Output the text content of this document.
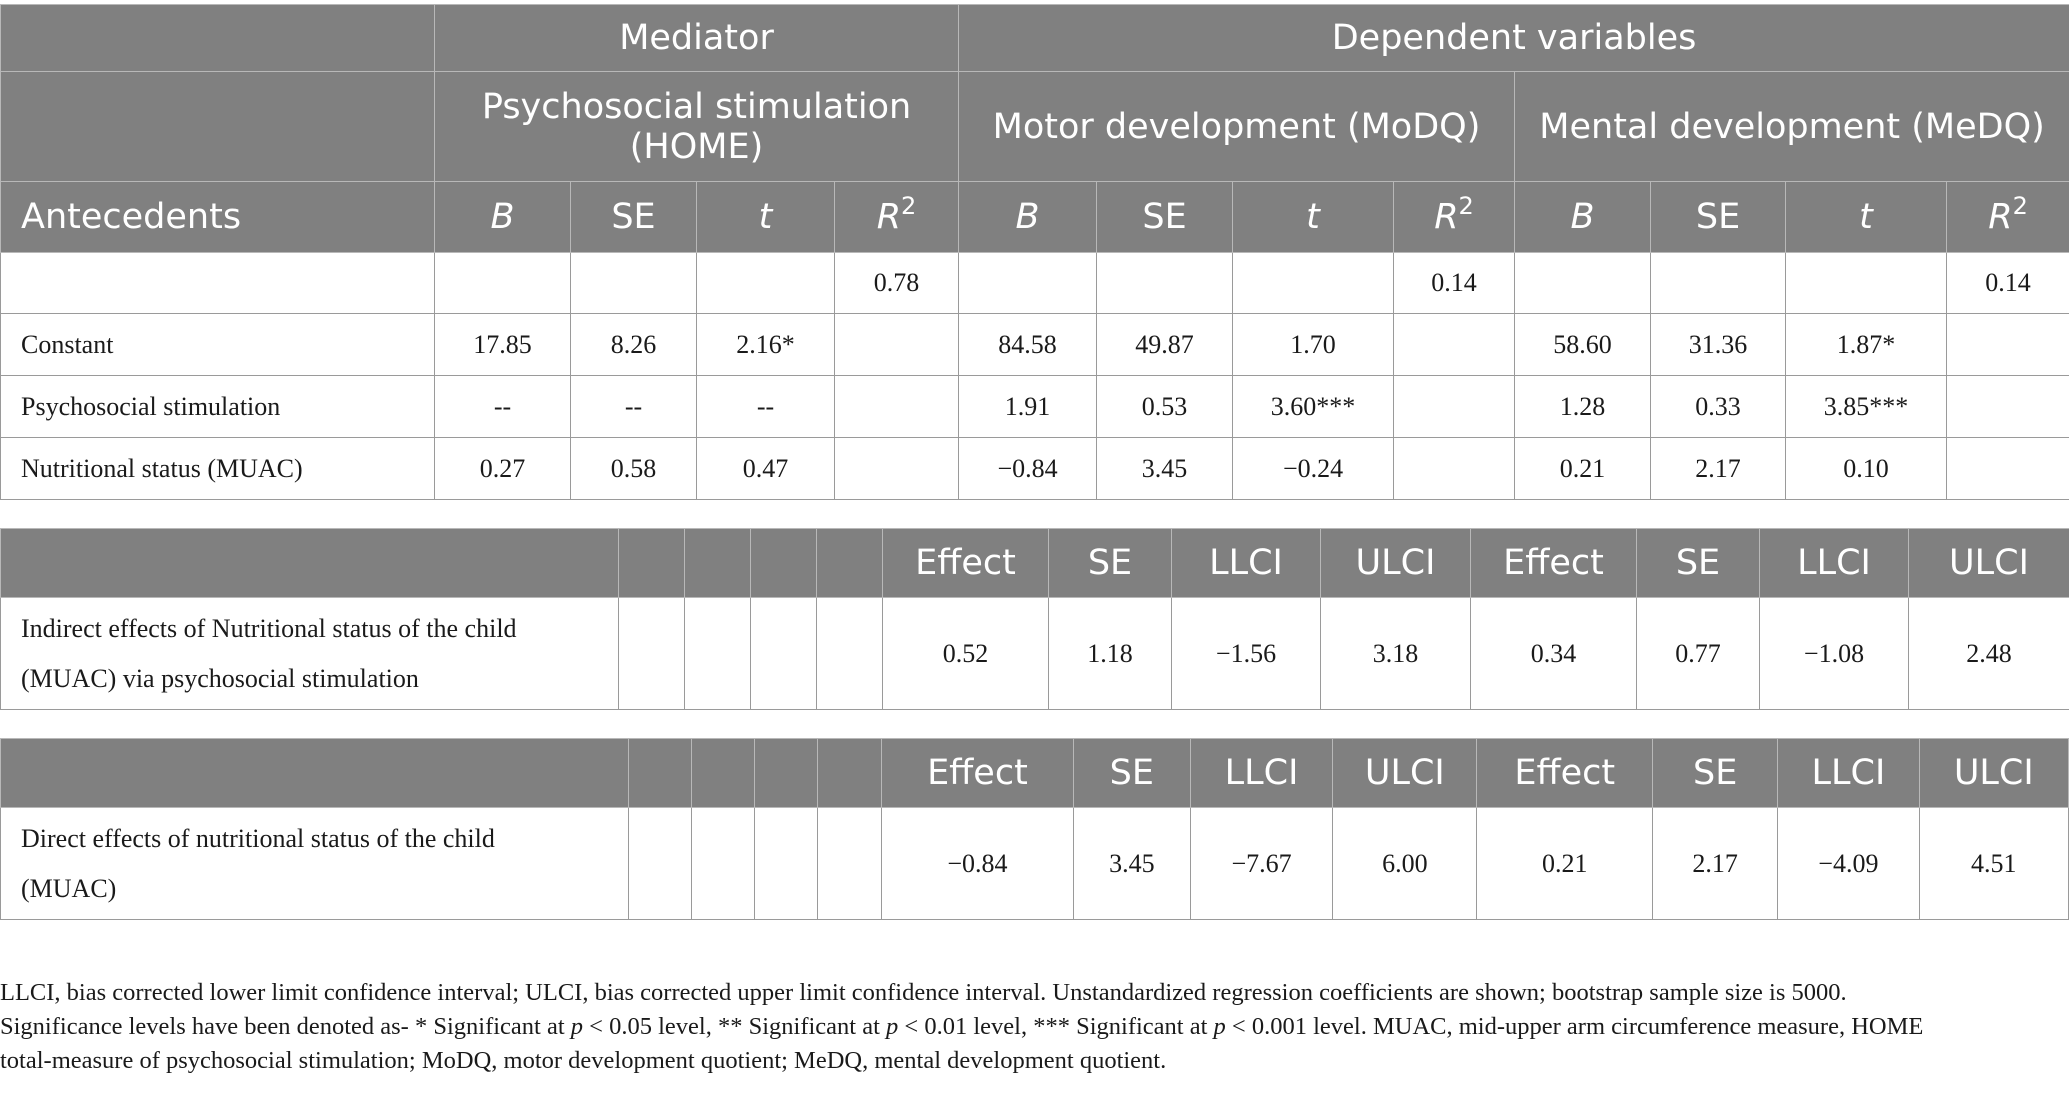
	Mediator				Dependent variables							
	Psychosocial stimulation (HOME)				Motor development (MoDQ)				Mental development (MeDQ)			
Antecedents	B	SE	t	$R^2$	B	SE	t	$R^2$	B	SE	t	$R^2$
				0.78				0.14				0.14
Constant	17.85	8.26	2.16*		84.58	49.87	1.70		58.60	31.36	1.87*	
Psychosocial stimulation	--	--	--		1.91	0.53	3.60***		1.28	0.33	3.85***	
Nutritional status (MUAC)	0.27	0.58	0.47		−0.84	3.45	−0.24		0.21	2.17	0.10	
					Effect	SE	LLCI	ULCI	Effect	SE	LLCI	ULCI
Indirect effects of Nutritional status of the child
(MUAC) via psychosocial stimulation					0.52	1.18	−1.56	3.18	0.34	0.77	−1.08	2.48
					Effect	SE	LLCI	ULCI	Effect	SE	LLCI	ULCI
Direct effects of nutritional status of the child
(MUAC)					−0.84	3.45	−7.67	6.00	0.21	2.17	−4.09	4.51

LLCI, bias corrected lower limit confidence interval; ULCI, bias corrected upper limit confidence interval. Unstandardized regression coefficients are shown; bootstrap sample size is 5000.

Significance levels have been denoted as- * Significant at p < 0.05 level, ** Significant at p < 0.01 level, *** Significant at p < 0.001 level. MUAC, mid-upper arm circumference measure, HOME

total-measure of psychosocial stimulation; MoDQ, motor development quotient; MeDQ, mental development quotient.
